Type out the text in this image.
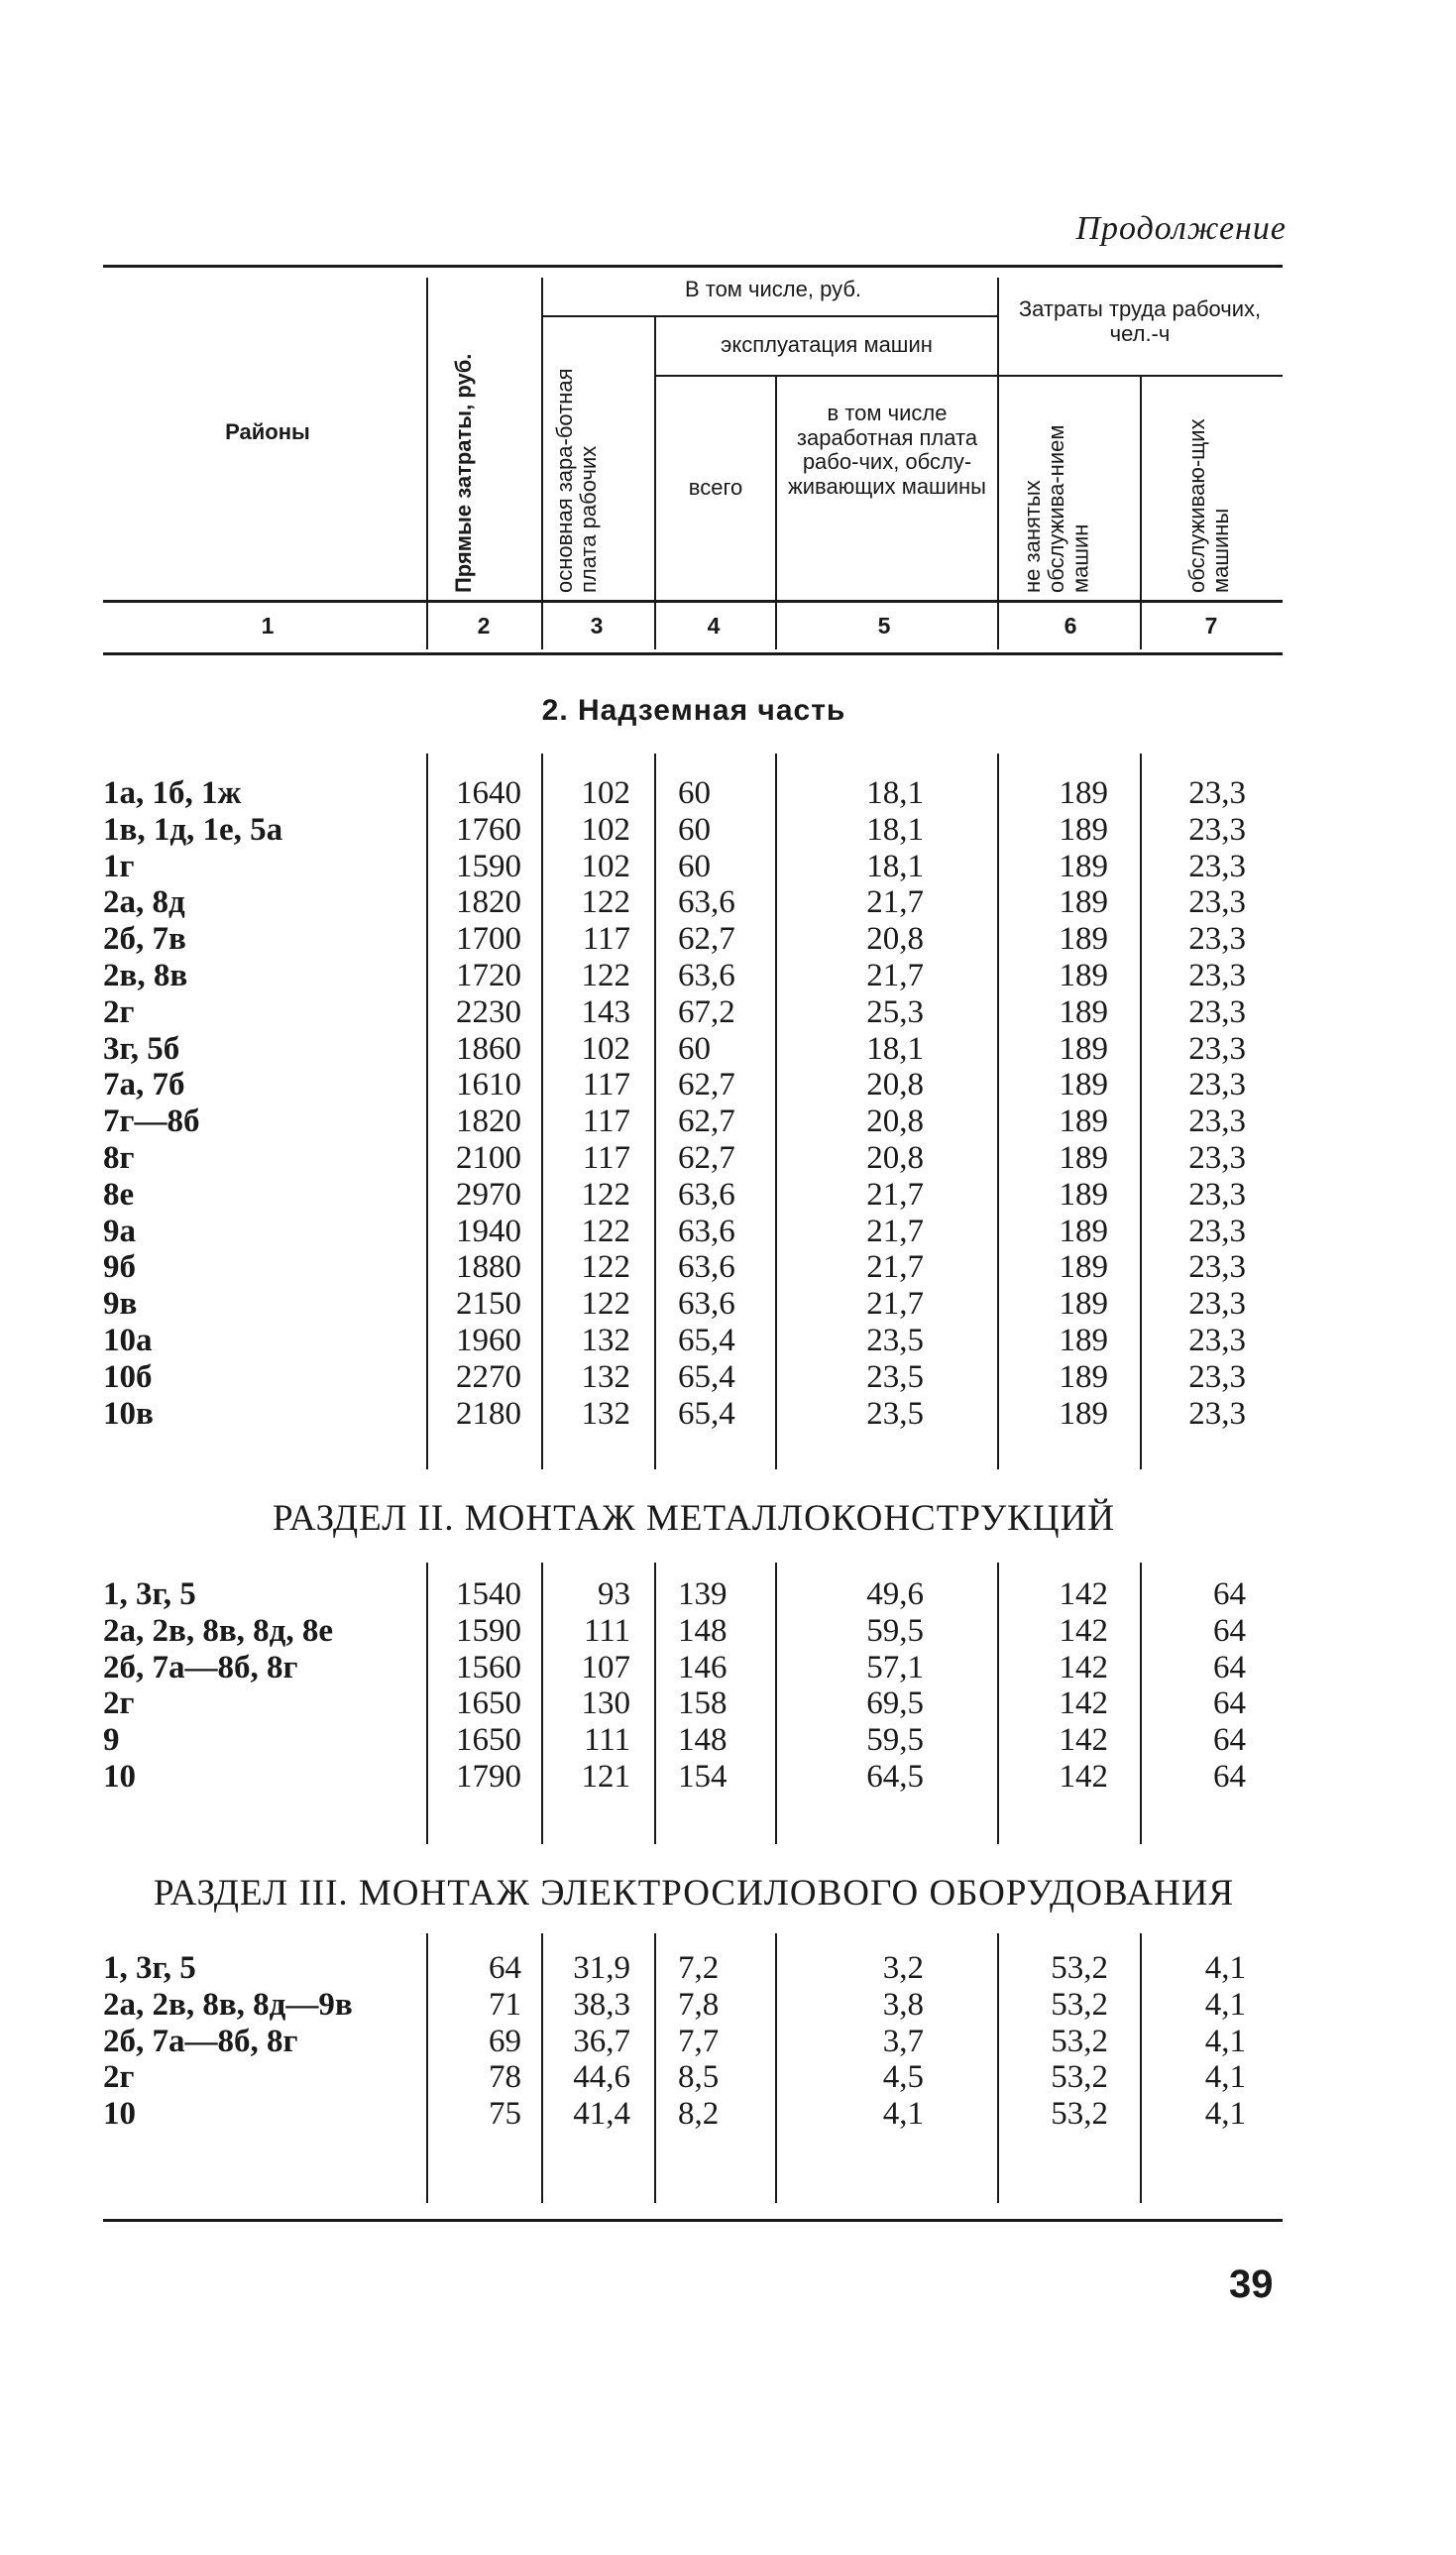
Продолжение
Районы	Прямые затраты, руб.
В том числе, руб.
основная зара-ботная плата рабочих
эксплуатация машин
всего
в том числе заработная плата рабо-чих, обслу-живающих машины
Затраты труда рабочих, чел.-ч
не занятых обслужива-нием машин	обслуживаю-щих машины
1	2	3	4	5	6	7
2. Надземная часть
РАЗДЕЛ II. МОНТАЖ МЕТАЛЛОКОНСТРУКЦИЙ
РАЗДЕЛ III. МОНТАЖ ЭЛЕКТРОСИЛОВОГО ОБОРУДОВАНИЯ
1а, 1б, 1ж	1640 102 60	18,1	189 23,3
1в, 1д, 1е, 5а	1760 102 60	18,1	189 23,3
1г	1590 102 60	18,1	189 23,3
2а, 8д	1820 122 63,6	21,7	189 23,3
2б, 7в	1700 117 62,7	20,8	189 23,3
2в, 8в	1720 122 63,6	21,7	189 23,3
2г	2230 143 67,2	25,3	189 23,3
3г, 5б	1860 102 60	18,1	189 23,3
7а, 7б	1610 117 62,7	20,8	189 23,3
7г—8б	1820 117 62,7	20,8	189 23,3
8г	2100 117 62,7	20,8	189 23,3
8е	2970 122 63,6	21,7	189 23,3
9а	1940 122 63,6	21,7	189 23,3
9б	1880 122 63,6	21,7	189 23,3
9в	2150 122 63,6	21,7	189 23,3
10а	1960 132 65,4	23,5	189 23,3
10б	2270 132 65,4	23,5	189 23,3
10в	2180 132 65,4	23,5	189 23,3
1, 3г, 5	1540 93 139	49,6	142	64
2а, 2в, 8в, 8д, 8е	1590 111 148	59,5	142	64
2б, 7а—8б, 8г	1560 107 146	57,1	142	64
2г	1650 130 158	69,5	142	64
9	1650 111 148	59,5	142	64
10	1790 121 154	64,5	142	64
1, 3г, 5	64 31,9 7,2	3,2	53,2	4,1
2а, 2в, 8в, 8д—9в	71 38,3 7,8	3,8	53,2	4,1
2б, 7а—8б, 8г	69 36,7 7,7	3,7	53,2	4,1
2г	78 44,6 8,5	4,5	53,2	4,1
10	75 41,4 8,2	4,1	53,2	4,1
39
